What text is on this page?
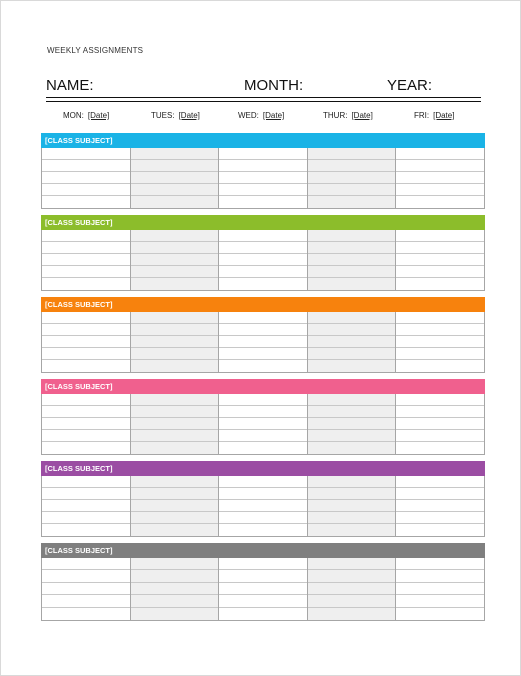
WEEKLY ASSIGNMENTS
NAME:	MONTH:	YEAR:
MON: [Date]	TUES: [Date]	WED: [Date]	THUR: [Date]	FRI: [Date]
[CLASS SUBJECT]
[CLASS SUBJECT]
[CLASS SUBJECT]
[CLASS SUBJECT]
[CLASS SUBJECT]
[CLASS SUBJECT]
